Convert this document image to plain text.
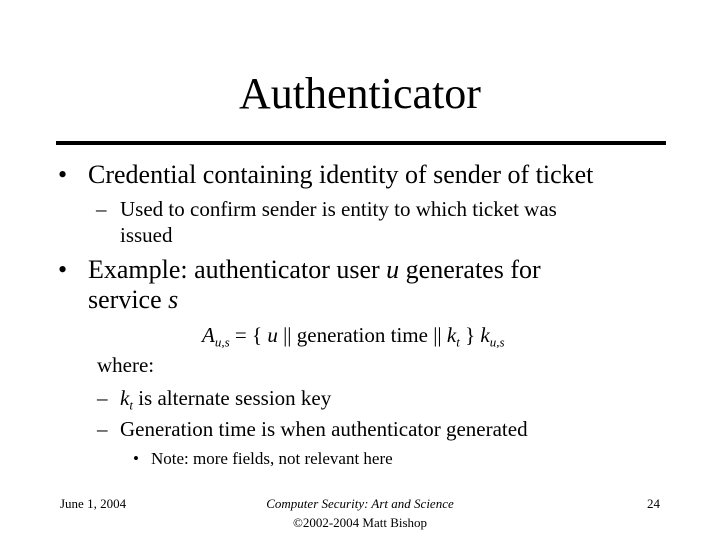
Authenticator
• Credential containing identity of sender of ticket
– Used to confirm sender is entity to which ticket was
issued
• Example: authenticator user u generates for
service s
$A_{u,s}$ = { u || generation time || $k_t$ } $k_{u,s}$
where:
– $k_t$ is alternate session key
– Generation time is when authenticator generated
• Note: more fields, not relevant here
June 1, 2004	Computer Security: Art and Science
©2002-2004 Matt Bishop
24
